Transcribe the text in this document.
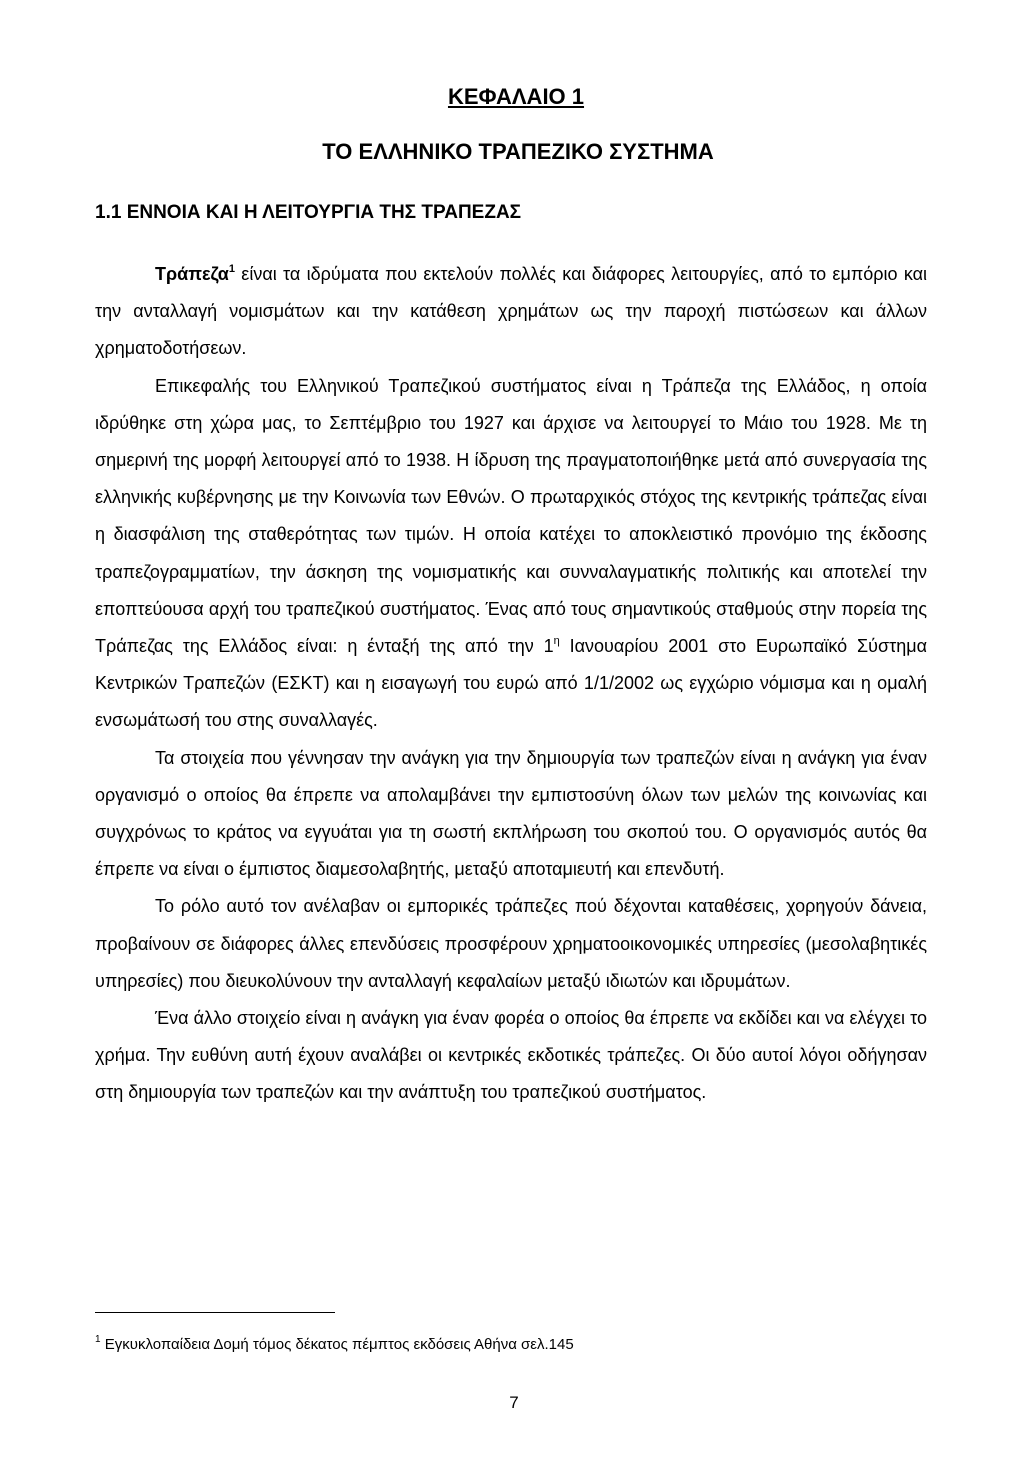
ΚΕΦΑΛΑΙΟ 1
ΤΟ ΕΛΛΗΝΙΚΟ ΤΡΑΠΕΖΙΚΟ ΣΥΣΤΗΜΑ
1.1 ΕΝΝΟΙΑ ΚΑΙ Η ΛΕΙΤΟΥΡΓΙΑ ΤΗΣ ΤΡΑΠΕΖΑΣ

Τράπεζα$^1$ είναι τα ιδρύματα που εκτελούν πολλές και διάφορες λειτουργίες, από το εμπόριο και την ανταλλαγή νομισμάτων και την κατάθεση χρημάτων ως την παροχή πιστώσεων και άλλων χρηματοδοτήσεων.

Επικεφαλής του Ελληνικού Τραπεζικού συστήματος είναι η Τράπεζα της Ελλάδος, η οποία ιδρύθηκε στη χώρα μας, το Σεπτέμβριο του 1927 και άρχισε να λειτουργεί το Μάιο του 1928. Με τη σημερινή της μορφή λειτουργεί από το 1938. Η ίδρυση της πραγματοποιήθηκε μετά από συνεργασία της ελληνικής κυβέρνησης με την Κοινωνία των Εθνών. Ο πρωταρχικός στόχος της κεντρικής τράπεζας είναι η διασφάλιση της σταθερότητας των τιμών. Η οποία κατέχει το αποκλειστικό προνόμιο της έκδοσης τραπεζογραμματίων, την άσκηση της νομισματικής και συνναλαγματικής πολιτικής και αποτελεί την εποπτεύουσα αρχή του τραπεζικού συστήματος. Ένας από τους σημαντικούς σταθμούς στην πορεία της Τράπεζας της Ελλάδος είναι: η ένταξή της από την $1^\eta$ Ιανουαρίου 2001 στο Ευρωπαϊκό Σύστημα Κεντρικών Τραπεζών (ΕΣΚΤ) και η εισαγωγή του ευρώ από 1/1/2002 ως εγχώριο νόμισμα και η ομαλή ενσωμάτωσή του στης συναλλαγές.

Τα στοιχεία που γέννησαν την ανάγκη για την δημιουργία των τραπεζών είναι η ανάγκη για έναν οργανισμό ο οποίος θα έπρεπε να απολαμβάνει την εμπιστοσύνη όλων των μελών της κοινωνίας και συγχρόνως το κράτος να εγγυάται για τη σωστή εκπλήρωση του σκοπού του. Ο οργανισμός αυτός θα έπρεπε να είναι ο έμπιστος διαμεσολαβητής, μεταξύ αποταμιευτή και επενδυτή.

Το ρόλο αυτό τον ανέλαβαν οι εμπορικές τράπεζες πού δέχονται καταθέσεις, χορηγούν δάνεια, προβαίνουν σε διάφορες άλλες επενδύσεις προσφέρουν χρηματοοικονομικές υπηρεσίες (μεσολαβητικές υπηρεσίες) που διευκολύνουν την ανταλλαγή κεφαλαίων μεταξύ ιδιωτών και ιδρυμάτων.

Ένα άλλο στοιχείο είναι η ανάγκη για έναν φορέα ο οποίος θα έπρεπε να εκδίδει και να ελέγχει το χρήμα. Την ευθύνη αυτή έχουν αναλάβει οι κεντρικές εκδοτικές τράπεζες. Οι δύο αυτοί λόγοι οδήγησαν στη δημιουργία των τραπεζών και την ανάπτυξη του τραπεζικού συστήματος.

$^1$ Εγκυκλοπαίδεια Δομή τόμος δέκατος πέμπτος εκδόσεις Αθήνα σελ.145
7
